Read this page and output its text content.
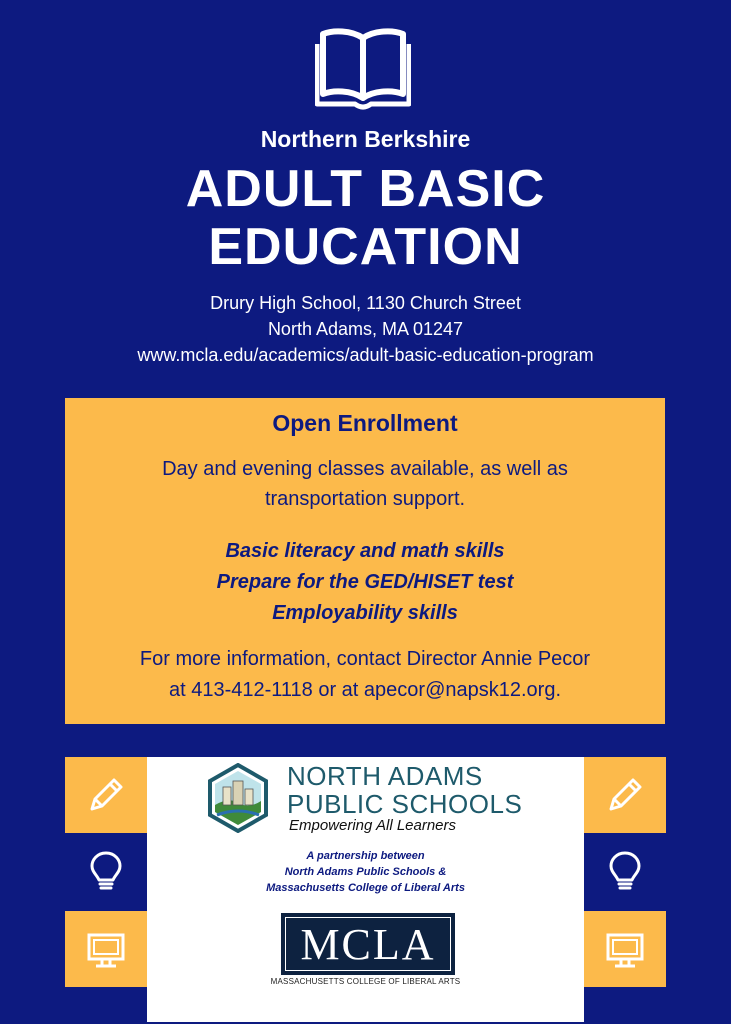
Northern Berkshire
ADULT BASIC
EDUCATION
Drury High School, 1130 Church Street
North Adams, MA 01247
www.mcla.edu/academics/adult-basic-education-program
Open Enrollment
Day and evening classes available, as well as
transportation support.
Basic literacy and math skills
Prepare for the GED/HISET test
Employability skills
For more information, contact Director Annie Pecor
at 413-412-1118 or at apecor@napsk12.org.
NORTH ADAMS
PUBLIC SCHOOLS
Empowering All Learners
A partnership between
North Adams Public Schools &
Massachusetts College of Liberal Arts
MCLA
MASSACHUSETTS COLLEGE OF LIBERAL ARTS
